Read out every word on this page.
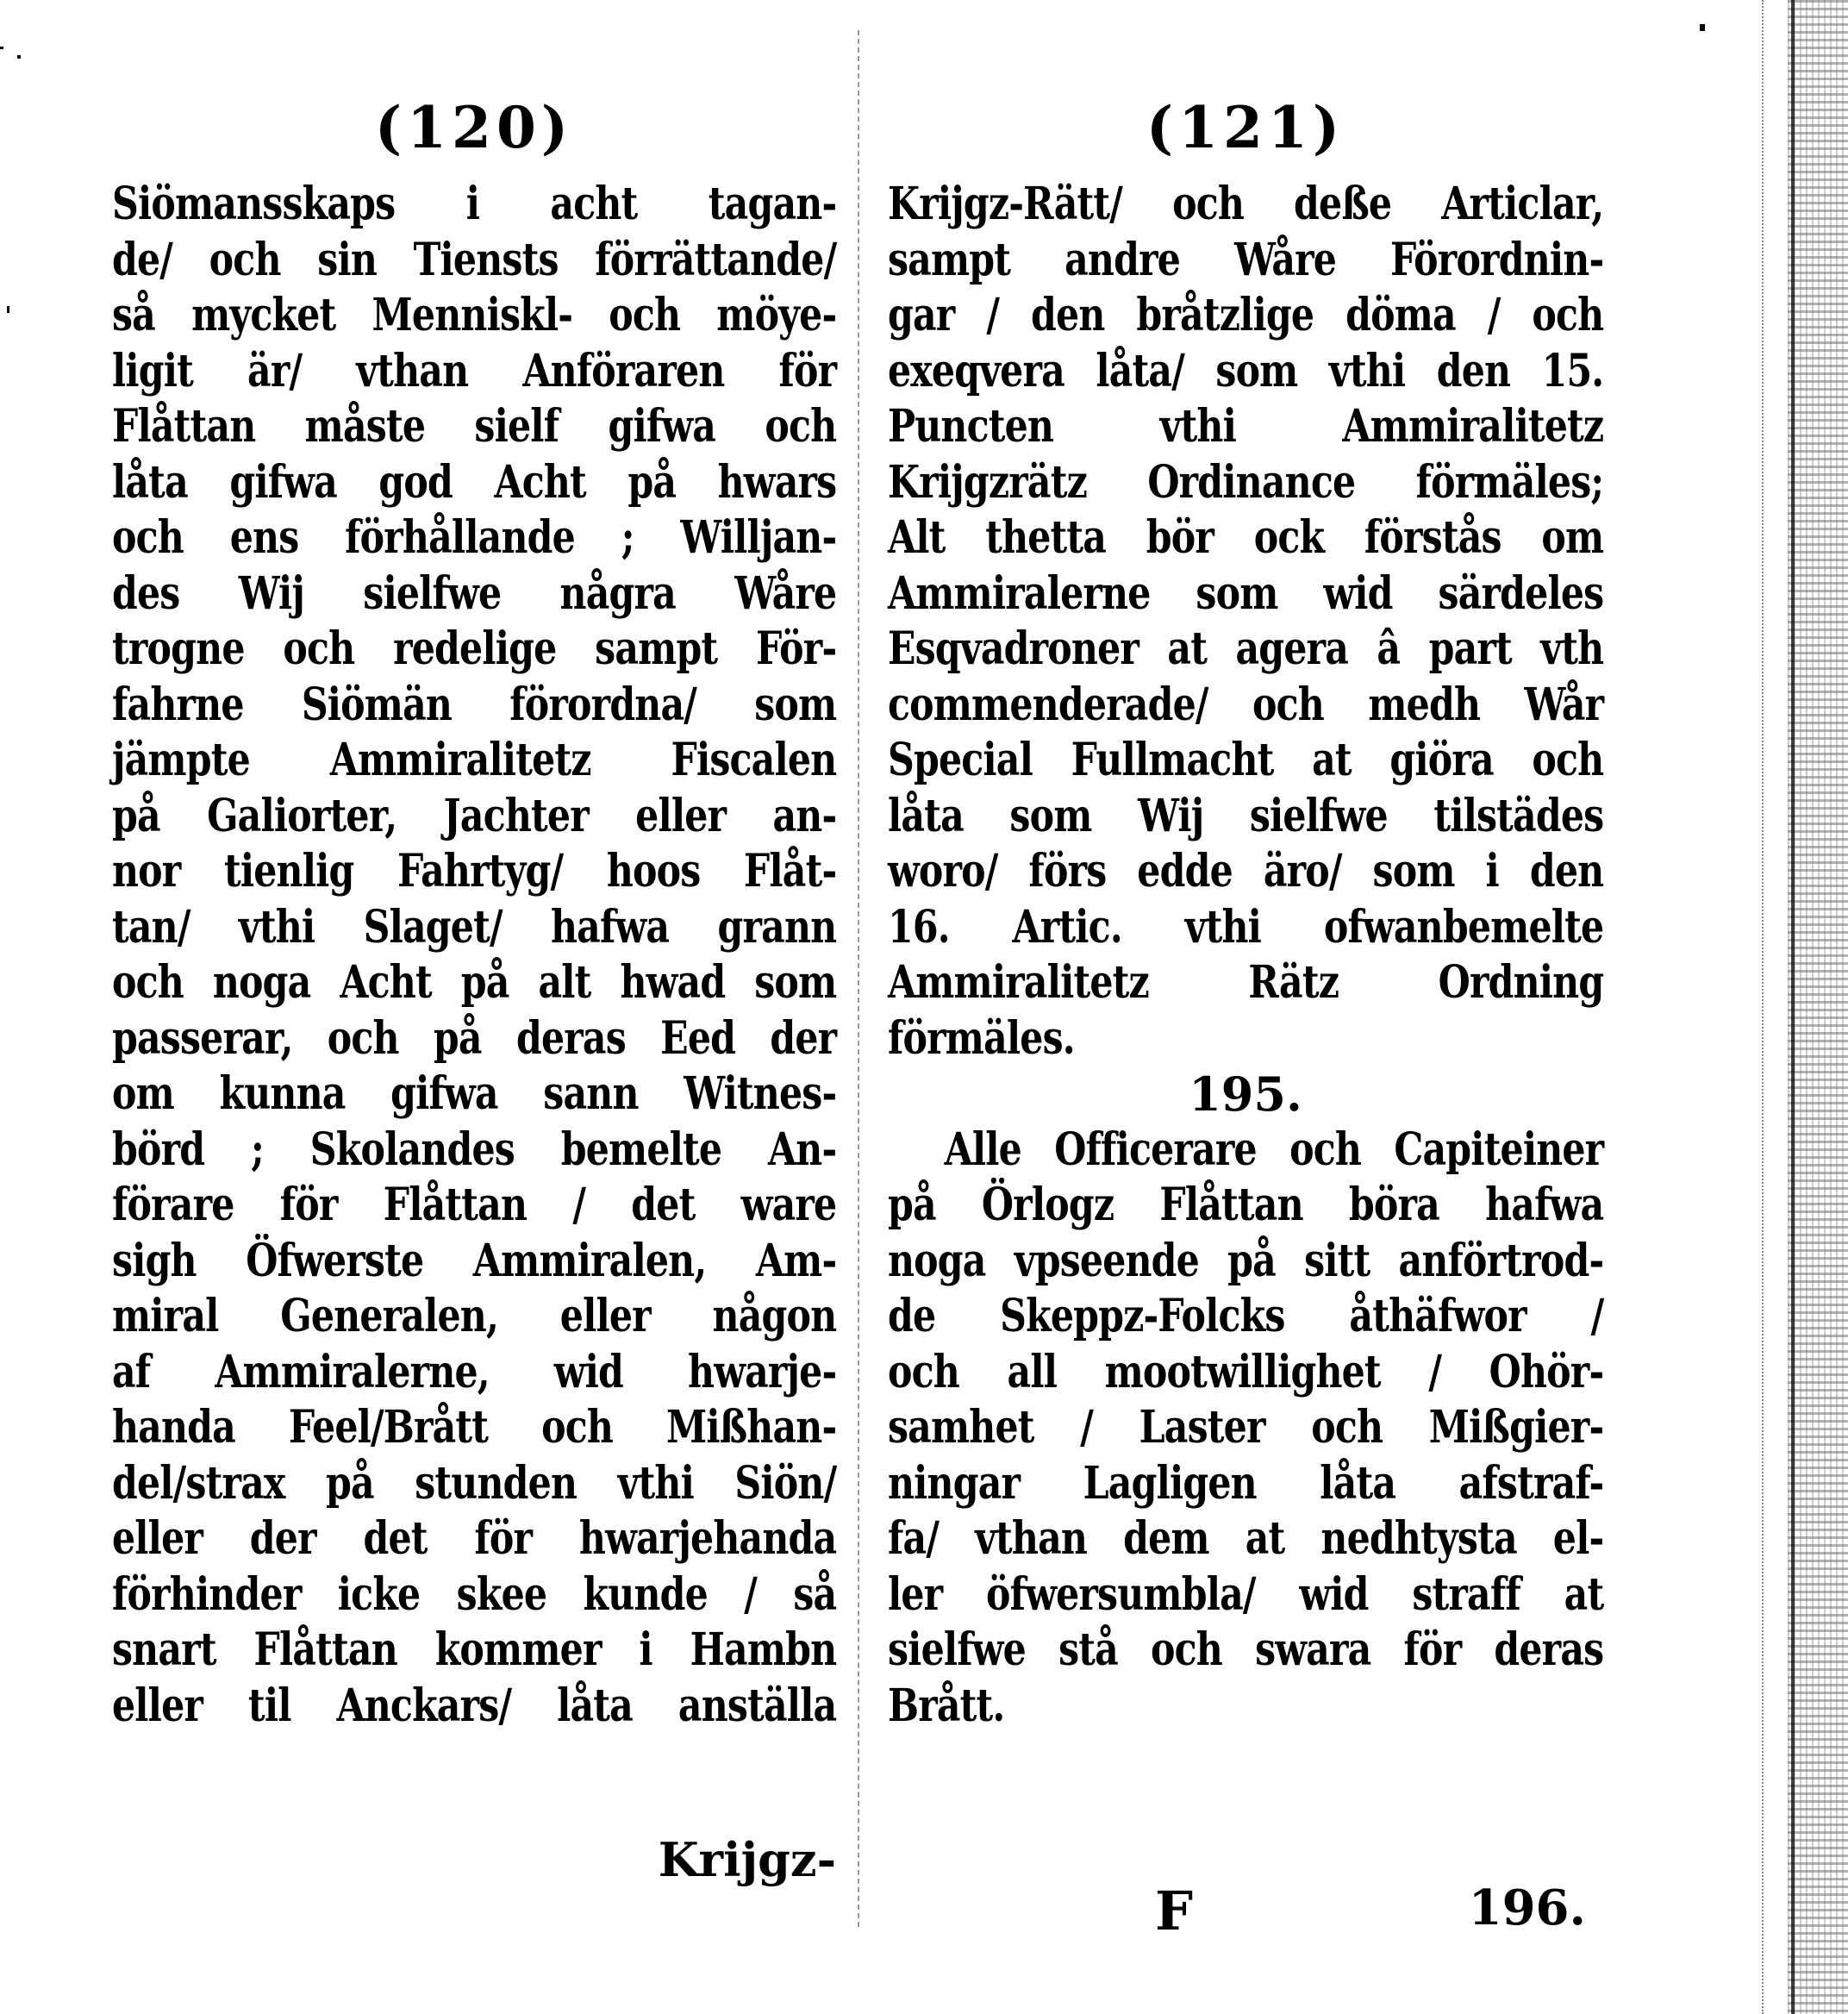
(120)
Siömansskaps i acht tagan-
de/ och sin Tiensts förrättande/
så mycket Menniskl- och möye-
ligit är/ vthan Anföraren för
Flåttan måste sielf gifwa och
låta gifwa god Acht på hwars
och ens förhållande ; Willjan-
des Wij sielfwe några Wåre
trogne och redelige sampt För-
fahrne Siömän förordna/ som
jämpte Ammiralitetz Fiscalen
på Galiorter, Jachter eller an-
nor tienlig Fahrtyg/ hoos Flåt-
tan/ vthi Slaget/ hafwa grann
och noga Acht på alt hwad som
passerar, och på deras Eed der
om kunna gifwa sann Witnes-
börd ; Skolandes bemelte An-
förare för Flåttan / det ware
sigh Öfwerste Ammiralen, Am-
miral Generalen, eller någon
af Ammiralerne, wid hwarje-
handa Feel/Brått och Mißhan-
del/strax på stunden vthi Siön/
eller der det för hwarjehanda
förhinder icke skee kunde / så
snart Flåttan kommer i Hambn
eller til Anckars/ låta anställa
Krijgz-
(121)
Krijgz-Rätt/ och deße Articlar,
sampt andre Wåre Förordnin-
gar / den bråtzlige döma / och
exeqvera låta/ som vthi den 15.
Puncten vthi Ammiralitetz
Krijgzrätz Ordinance förmäles;
Alt thetta bör ock förstås om
Ammiralerne som wid särdeles
Esqvadroner at agera â part vth
commenderade/ och medh Wår
Special Fullmacht at giöra och
låta som Wij sielfwe tilstädes
woro/ förs edde äro/ som i den
16. Artic. vthi ofwanbemelte
Ammiralitetz Rätz Ordning
förmäles.
195.
Alle Officerare och Capiteiner
på Örlogz Flåttan böra hafwa
noga vpseende på sitt anförtrod-
de Skeppz-Folcks åthäfwor /
och all mootwillighet / Ohör-
samhet / Laster och Mißgier-
ningar Lagligen låta afstraf-
fa/ vthan dem at nedhtysta el-
ler öfwersumbla/ wid straff at
sielfwe stå och swara för deras
Brått.
F	196.
